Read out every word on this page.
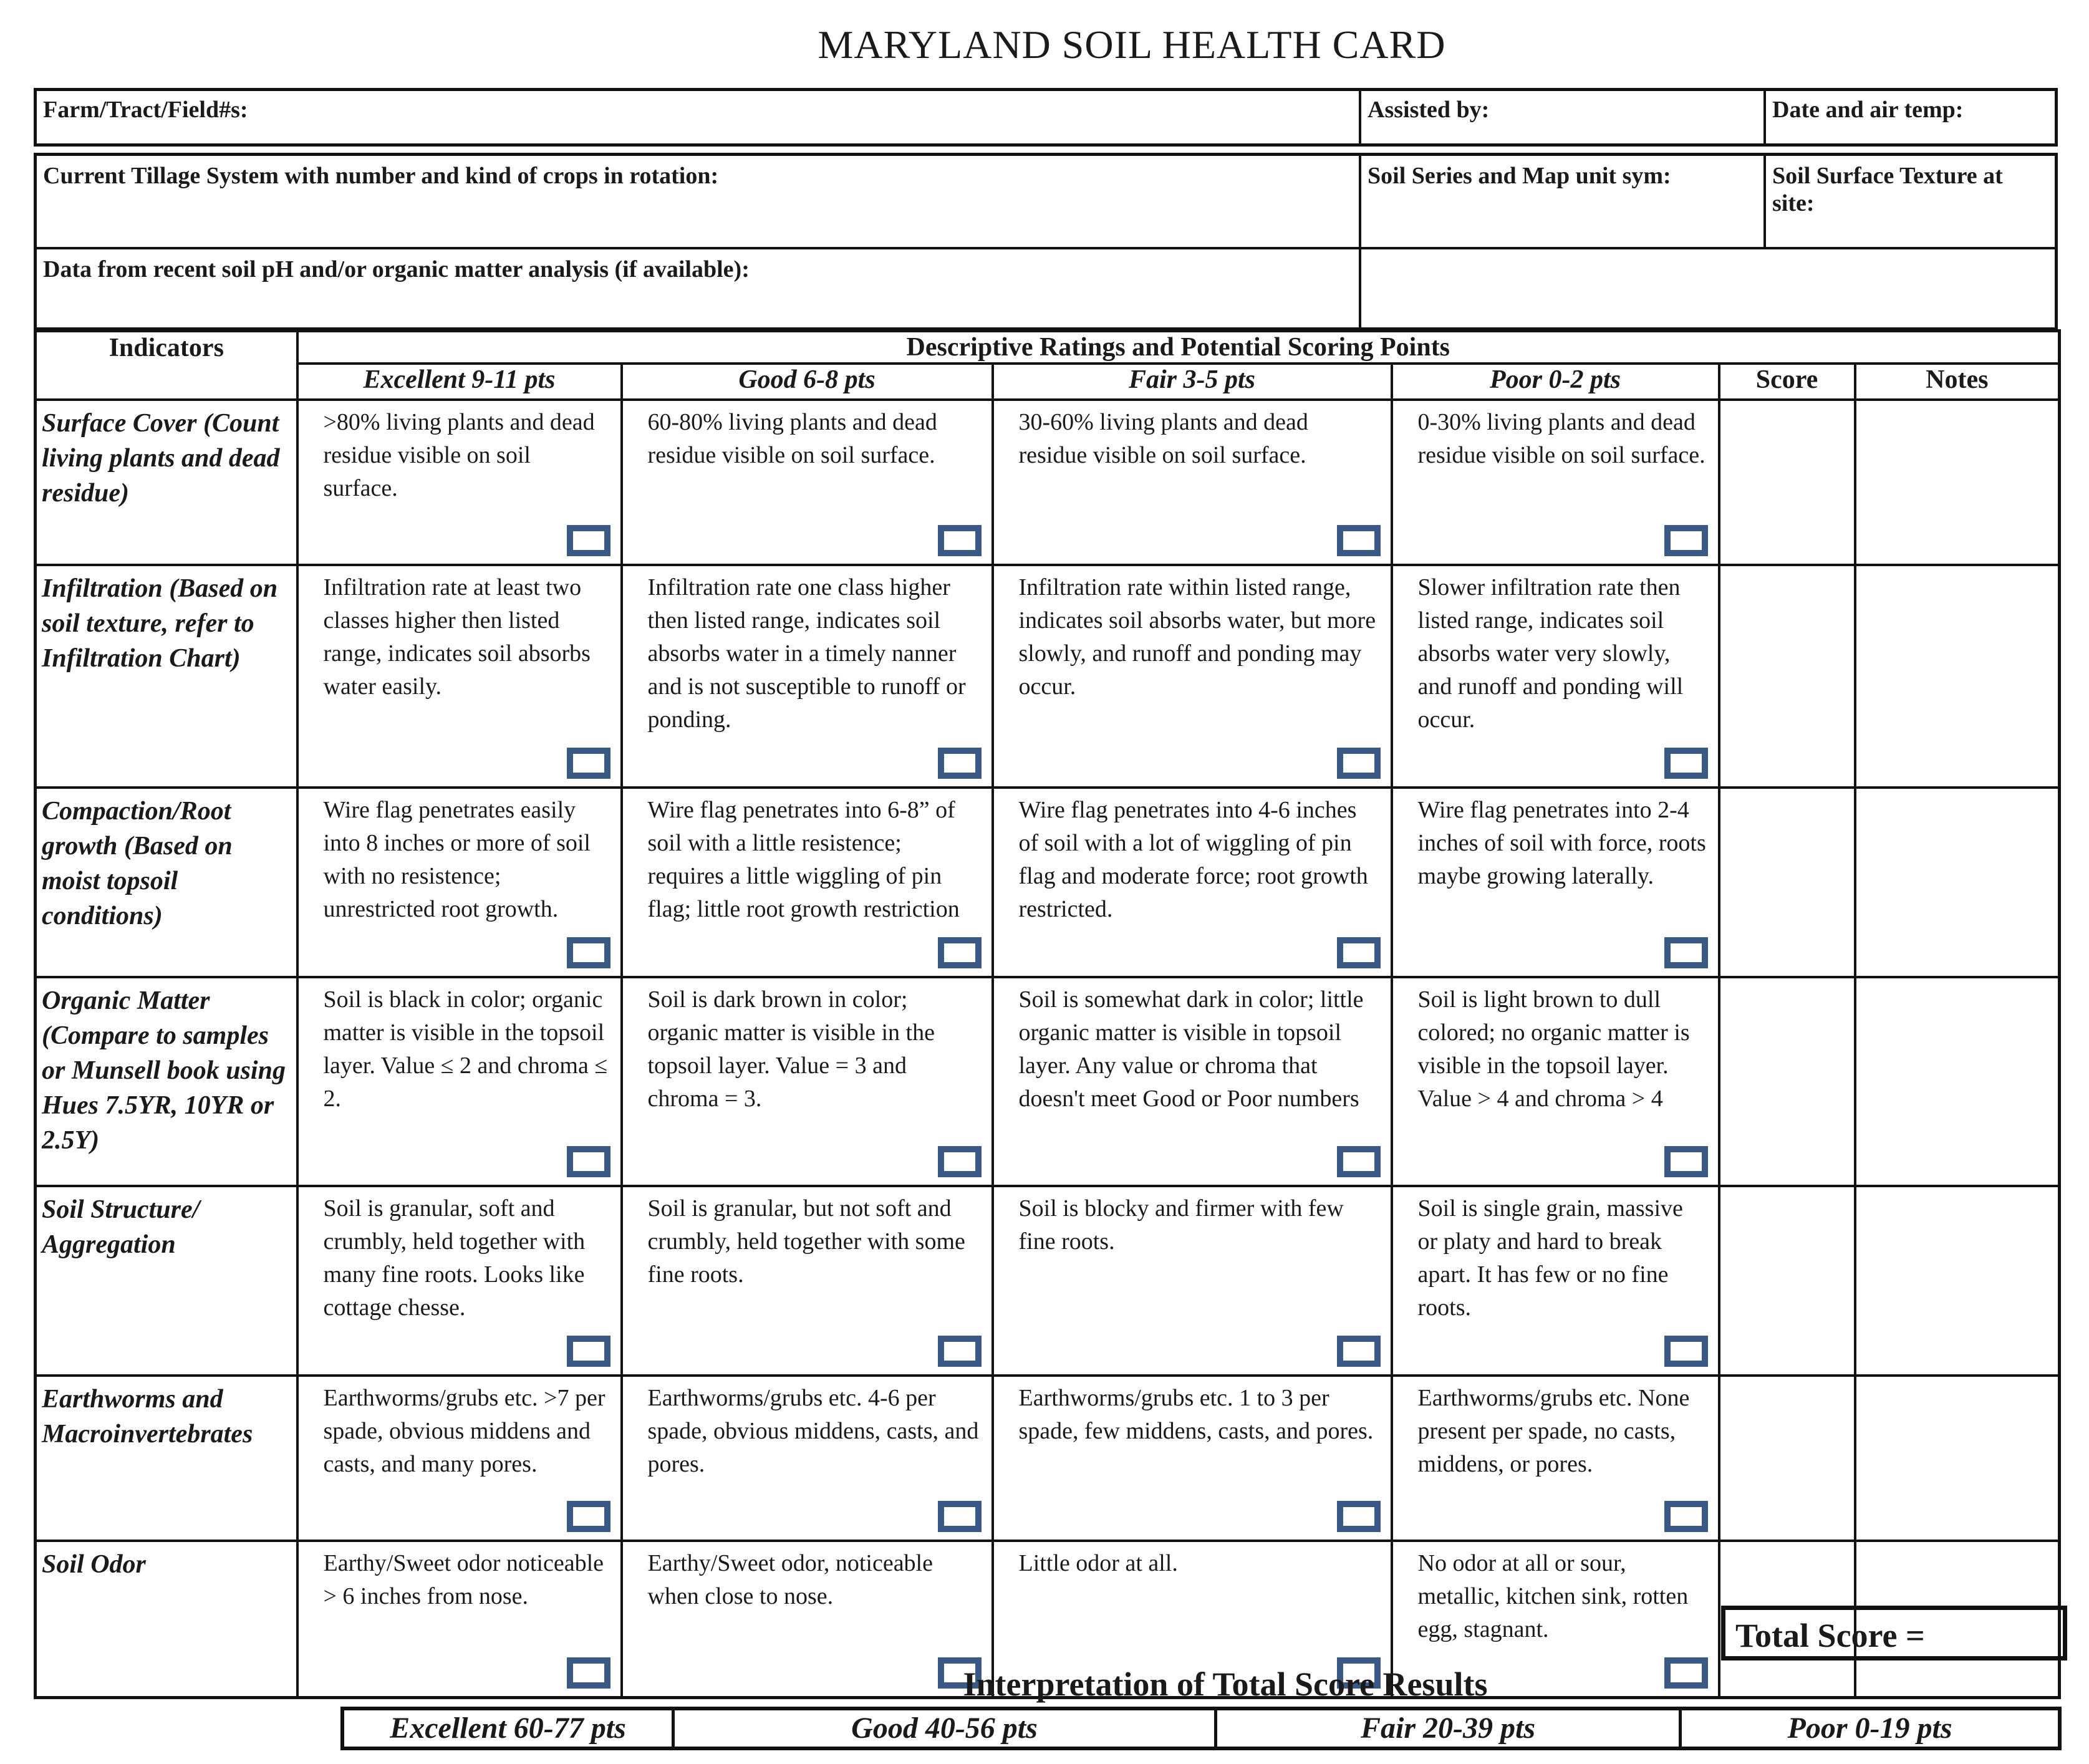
MARYLAND SOIL HEALTH CARD
Farm/Tract/Field#s:	Assisted by:	Date and air temp:
Current Tillage System with number and kind of crops in rotation:	Soil Series and Map unit sym:	Soil Surface Texture at site:
Data from recent soil pH and/or organic matter analysis (if available):
Indicators	Descriptive Ratings and Potential Scoring Points					
	Excellent 9-11 pts	Good 6-8 pts	Fair 3-5 pts	Poor 0-2 pts	Score	Notes
Surface Cover (Count living plants and dead residue)	>80% living plants and dead residue visible on soil surface.	60-80% living plants and dead residue visible on soil surface.	30-60% living plants and dead residue visible on soil surface.	0-30% living plants and dead residue visible on soil surface.

Infiltration (Based on soil texture, refer to Infiltration Chart)	Infiltration rate at least two classes higher then listed range, indicates soil absorbs water easily.	Infiltration rate one class higher then listed range, indicates soil absorbs water in a timely nanner and is not susceptible to runoff or ponding.	Infiltration rate within listed range, indicates soil absorbs water, but more slowly, and runoff and ponding may occur.	Slower infiltration rate then listed range, indicates soil absorbs water very slowly, and runoff and ponding will occur.

Compaction/Root growth (Based on moist topsoil conditions)	Wire flag penetrates easily into 8 inches or more of soil with no resistence; unrestricted root growth.	Wire flag penetrates into 6-8” of soil with a little resistence; requires a little wiggling of pin flag; little root growth restriction	Wire flag penetrates into 4-6 inches of soil with a lot of wiggling of pin flag and moderate force; root growth restricted.	Wire flag penetrates into 2-4 inches of soil with force, roots maybe growing laterally.

Organic Matter (Compare to samples or Munsell book using Hues 7.5YR, 10YR or 2.5Y)	Soil is black in color; organic matter is visible in the topsoil layer. Value ≤ 2 and chroma ≤ 2.	Soil is dark brown in color; organic matter is visible in the topsoil layer. Value = 3 and chroma = 3.	Soil is somewhat dark in color; little organic matter is visible in topsoil layer. Any value or chroma that doesn't meet Good or Poor numbers	Soil is light brown to dull colored; no organic matter is visible in the topsoil layer. Value > 4 and chroma > 4

Soil Structure/ Aggregation	Soil is granular, soft and crumbly, held together with many fine roots. Looks like cottage chesse.	Soil is granular, but not soft and crumbly, held together with some fine roots.	Soil is blocky and firmer with few fine roots.	Soil is single grain, massive or platy and hard to break apart. It has few or no fine roots.

Earthworms and Macroinvertebrates	Earthworms/grubs etc. >7 per spade, obvious middens and casts, and many pores.	Earthworms/grubs etc. 4-6 per spade, obvious middens, casts, and pores.	Earthworms/grubs etc. 1 to 3 per spade, few middens, casts, and pores.	Earthworms/grubs etc. None present per spade, no casts, middens, or pores.

Soil Odor	Earthy/Sweet odor noticeable > 6 inches from nose.	Earthy/Sweet odor, noticeable when close to nose.	Little odor at all.	No odor at all or sour, metallic, kitchen sink, rotten egg, stagnant.
			Total Score =
Interpretation of Total Score Results
Excellent 60-77 pts	Good 40-56 pts	Fair 20-39 pts	Poor 0-19 pts
